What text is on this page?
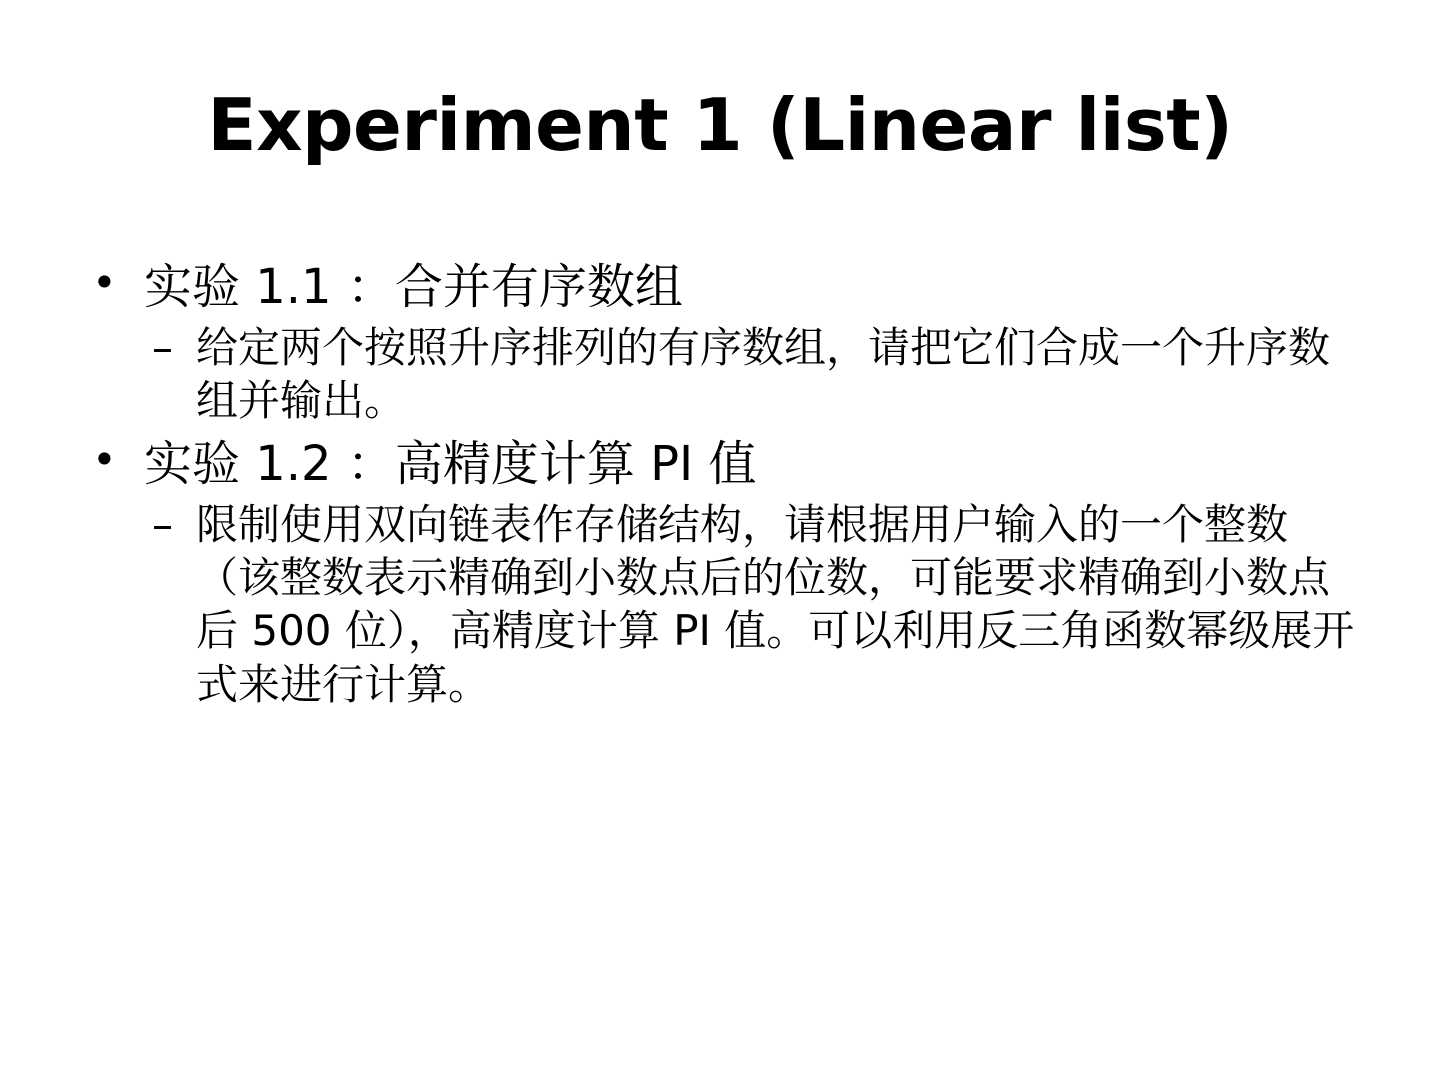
Experiment 1 (Linear list)
• 实验 1.1 ：合并有序数组
– 给定两个按照升序排列的有序数组，请把它们合成一个升序数组并输出。
• 实验 1.2 ：高精度计算 PI 值
– 限制使用双向链表作存储结构，请根据用户输入的一个整数（该整数表示精确到小数点后的位数，可能要求精确到小数点后 500 位），高精度计算 PI 值。可以利用反三角函数幂级展开式来进行计算。
